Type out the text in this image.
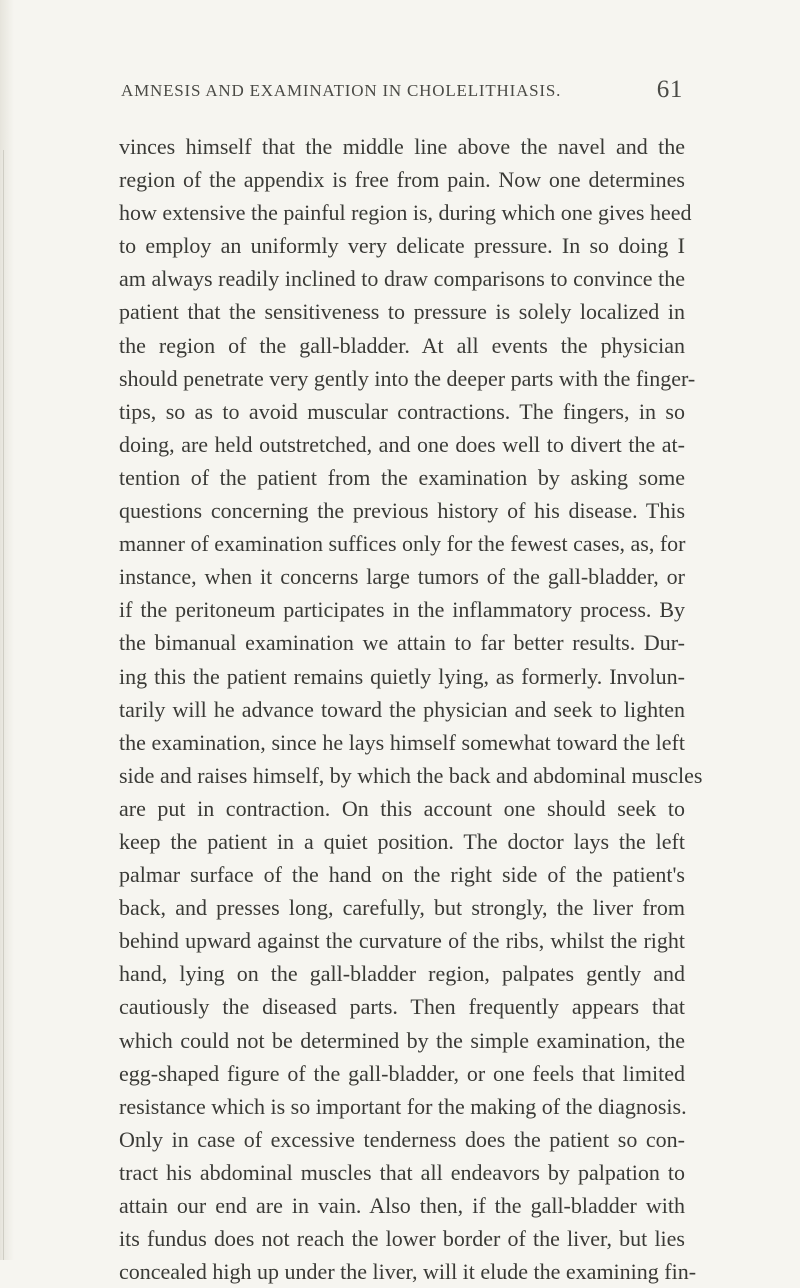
AMNESIS AND EXAMINATION IN CHOLELITHIASIS.	61
vinces himself that the middle line above the navel and the
region of the appendix is free from pain. Now one determines
how extensive the painful region is, during which one gives heed
to employ an uniformly very delicate pressure. In so doing I
am always readily inclined to draw comparisons to convince the
patient that the sensitiveness to pressure is solely localized in
the region of the gall-bladder. At all events the physician
should penetrate very gently into the deeper parts with the finger-
tips, so as to avoid muscular contractions. The fingers, in so
doing, are held outstretched, and one does well to divert the at-
tention of the patient from the examination by asking some
questions concerning the previous history of his disease. This
manner of examination suffices only for the fewest cases, as, for
instance, when it concerns large tumors of the gall-bladder, or
if the peritoneum participates in the inflammatory process. By
the bimanual examination we attain to far better results. Dur-
ing this the patient remains quietly lying, as formerly. Involun-
tarily will he advance toward the physician and seek to lighten
the examination, since he lays himself somewhat toward the left
side and raises himself, by which the back and abdominal muscles
are put in contraction. On this account one should seek to
keep the patient in a quiet position. The doctor lays the left
palmar surface of the hand on the right side of the patient's
back, and presses long, carefully, but strongly, the liver from
behind upward against the curvature of the ribs, whilst the right
hand, lying on the gall-bladder region, palpates gently and
cautiously the diseased parts. Then frequently appears that
which could not be determined by the simple examination, the
egg-shaped figure of the gall-bladder, or one feels that limited
resistance which is so important for the making of the diagnosis.
Only in case of excessive tenderness does the patient so con-
tract his abdominal muscles that all endeavors by palpation to
attain our end are in vain. Also then, if the gall-bladder with
its fundus does not reach the lower border of the liver, but lies
concealed high up under the liver, will it elude the examining fin-
